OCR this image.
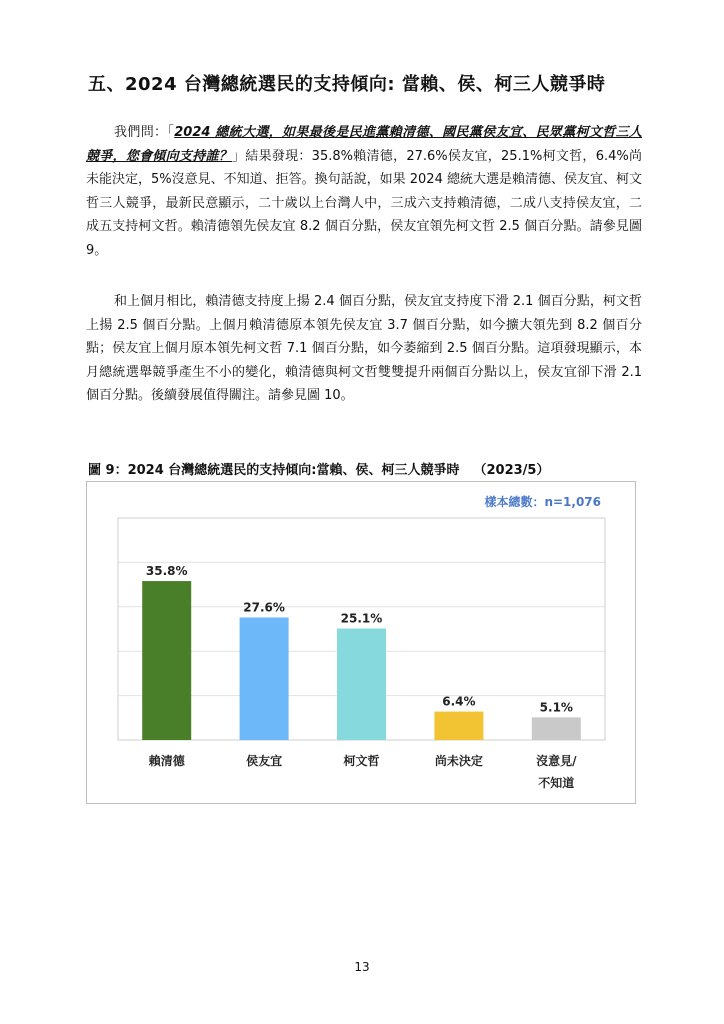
五、2024 台灣總統選民的支持傾向: 當賴、侯、柯三人競爭時

我們問：「2024 總統大選，如果最後是民進黨賴清德、國民黨侯友宜、民眾黨柯文哲三人競爭，您會傾向支持誰？」結果發現：35.8%賴清德，27.6%侯友宜，25.1%柯文哲，6.4%尚未能決定，5%沒意見、不知道、拒答。換句話說，如果 2024 總統大選是賴清德、侯友宜、柯文哲三人競爭，最新民意顯示，二十歲以上台灣人中，三成六支持賴清德，二成八支持侯友宜，二成五支持柯文哲。賴清德領先侯友宜 8.2 個百分點，侯友宜領先柯文哲 2.5 個百分點。請參見圖 9。

和上個月相比，賴清德支持度上揚 2.4 個百分點，侯友宜支持度下滑 2.1 個百分點，柯文哲上揚 2.5 個百分點。上個月賴清德原本領先侯友宜 3.7 個百分點，如今擴大領先到 8.2 個百分點；侯友宜上個月原本領先柯文哲 7.1 個百分點，如今萎縮到 2.5 個百分點。這項發現顯示，本月總統選舉競爭產生不小的變化，賴清德與柯文哲雙雙提升兩個百分點以上，侯友宜卻下滑 2.1 個百分點。後續發展值得關注。請參見圖 10。

圖 9：2024 台灣總統選民的支持傾向:當賴、侯、柯三人競爭時 （2023/5）
樣本總數：n=1,076
35.8%
賴清德
27.6%
侯友宜
25.1%
柯文哲
6.4%
尚未決定
5.1%
沒意見/不知道
13
